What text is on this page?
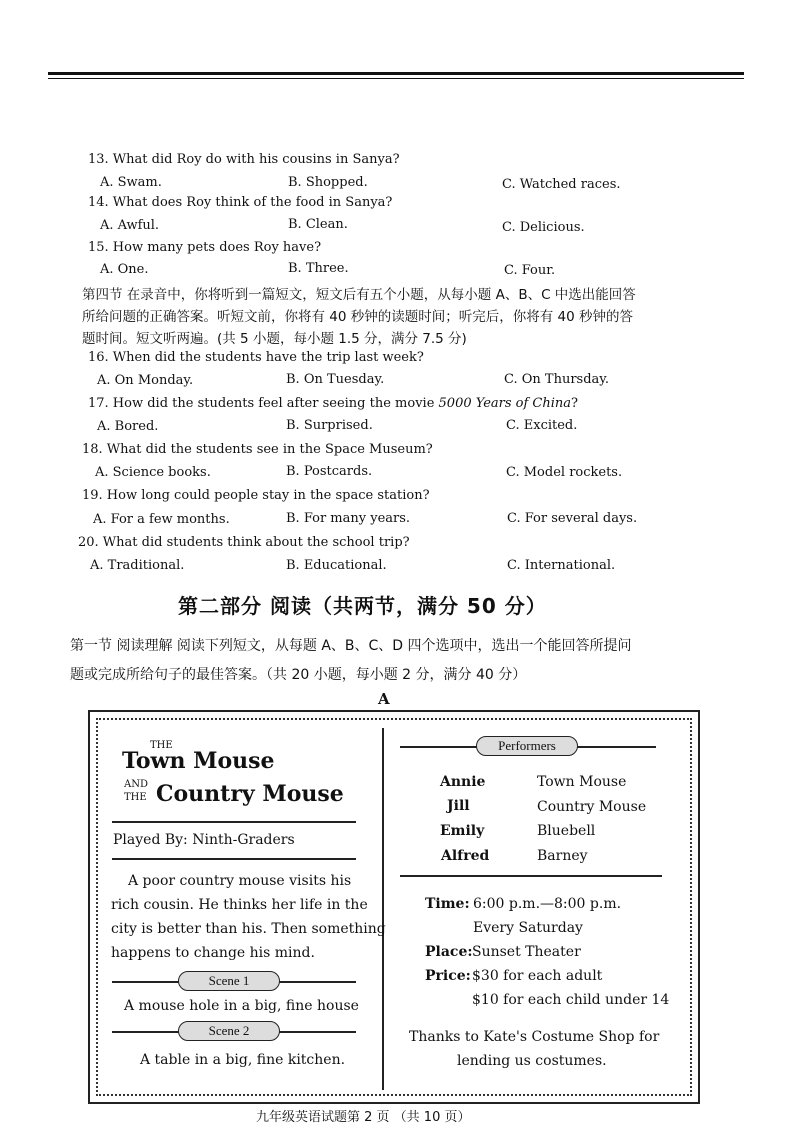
13. What did Roy do with his cousins in Sanya?
A. Swam.	B. Shopped.	C. Watched races.
14. What does Roy think of the food in Sanya?
A. Awful.	B. Clean.	C. Delicious.
15. How many pets does Roy have?
A. One.	B. Three.	C. Four.
第四节 在录音中，你将听到一篇短文，短文后有五个小题，从每小题 A、B、C 中选出能回答
所给问题的正确答案。听短文前，你将有 40 秒钟的读题时间；听完后，你将有 40 秒钟的答
题时间。短文听两遍。(共 5 小题，每小题 1.5 分，满分 7.5 分)
16. When did the students have the trip last week?
A. On Monday.	B. On Tuesday.	C. On Thursday.
17. How did the students feel after seeing the movie 5000 Years of China?
A. Bored.	B. Surprised.	C. Excited.
18. What did the students see in the Space Museum?
A. Science books.	B. Postcards.	C. Model rockets.
19. How long could people stay in the space station?
A. For a few months.	B. For many years.	C. For several days.
20. What did students think about the school trip?
A. Traditional.	B. Educational.	C. International.
第二部分 阅读（共两节，满分 50 分）
第一节 阅读理解 阅读下列短文，从每题 A、B、C、D 四个选项中，选出一个能回答所提问
题或完成所给句子的最佳答案。（共 20 小题，每小题 2 分，满分 40 分）
A
THE
Town Mouse
AND
THE Country Mouse
Played By: Ninth-Graders
A poor country mouse visits his
rich cousin. He thinks her life in the
city is better than his. Then something
happens to change his mind.
Scene 1
A mouse hole in a big, fine house
Scene 2
A table in a big, fine kitchen.
Performers
Annie	Town Mouse
Jill	Country Mouse
Emily	Bluebell
Alfred	Barney
Time: 6:00 p.m.—8:00 p.m.
Every Saturday
Place: Sunset Theater
Price: $30 for each adult
$10 for each child under 14
Thanks to Kate's Costume Shop for
lending us costumes.
九年级英语试题第 2 页 （共 10 页）
